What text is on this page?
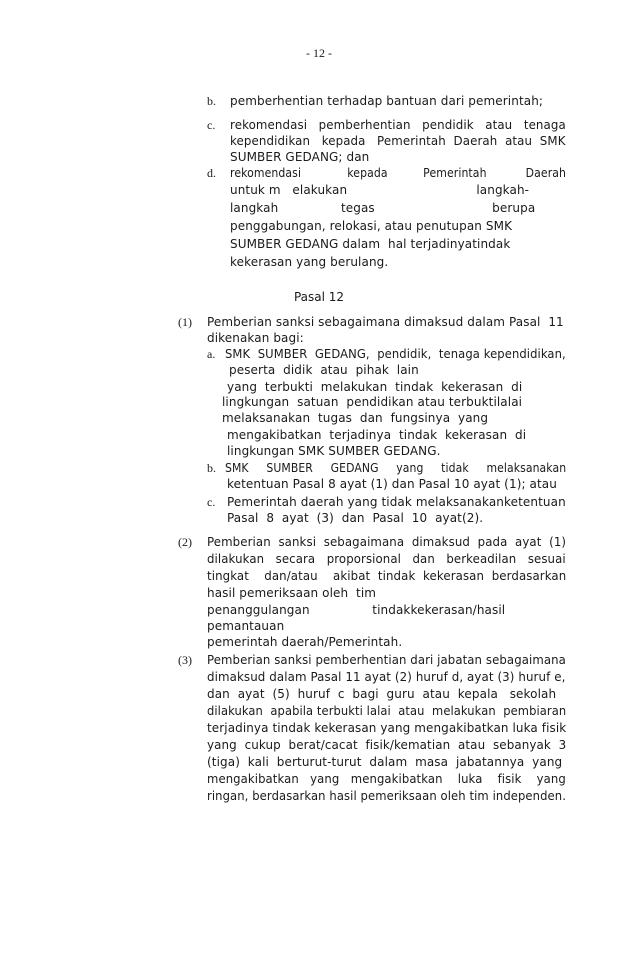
- 12 -
b. pemberhentian terhadap bantuan dari pemerintah;
c. rekomendasi   pemberhentian   pendidik   atau   tenaga
kependidikan   kepada   Pemerintah  Daerah  atau  SMK
SUMBER GEDANG; dan
d. rekomendasi             kepada          Pemerintah           Daerah
untuk m   elakukan                                 langkah-
langkah                tegas                              berupa
penggabungan, relokasi, atau penutupan SMK
SUMBER GEDANG dalam  hal terjadinyatindak
kekerasan yang berulang.
Pasal 12
(1) Pemberian sanksi sebagaimana dimaksud dalam Pasal  11
dikenakan bagi:
a. SMK  SUMBER  GEDANG,  pendidik,  tenaga kependidikan,
peserta  didik  atau  pihak  lain
yang  terbukti  melakukan  tindak  kekerasan  di
lingkungan  satuan  pendidikan atau terbuktilalai
melaksanakan  tugas  dan  fungsinya  yang
mengakibatkan  terjadinya  tindak  kekerasan  di
lingkungan SMK SUMBER GEDANG.
b. SMK     SUMBER     GEDANG     yang     tidak     melaksanakan
ketentuan Pasal 8 ayat (1) dan Pasal 10 ayat (1); atau
c. Pemerintah daerah yang tidak melaksanakanketentuan
Pasal  8  ayat  (3)  dan  Pasal  10  ayat(2).
(2) Pemberian  sanksi  sebagaimana  dimaksud  pada  ayat  (1)
dilakukan   secara   proporsional   dan   berkeadilan   sesuai
tingkat    dan/atau    akibat  tindak  kekerasan  berdasarkan
hasil pemeriksaan oleh  tim
penanggulangan                tindakkekerasan/hasil
pemantauan
pemerintah daerah/Pemerintah.
(3) Pemberian sanksi pemberhentian dari jabatan sebagaimana
dimaksud dalam Pasal 11 ayat (2) huruf d, ayat (3) huruf e,
dan  ayat  (5)  huruf  c  bagi  guru  atau  kepala   sekolah
dilakukan  apabila terbukti lalai  atau  melakukan  pembiaran
terjadinya tindak kekerasan yang mengakibatkan luka fisik
yang  cukup  berat/cacat  fisik/kematian  atau  sebanyak  3
(tiga)  kali  berturut-turut  dalam  masa  jabatannya  yang
mengakibatkan   yang   mengakibatkan    luka    fisik    yang
ringan, berdasarkan hasil pemeriksaan oleh tim independen.
